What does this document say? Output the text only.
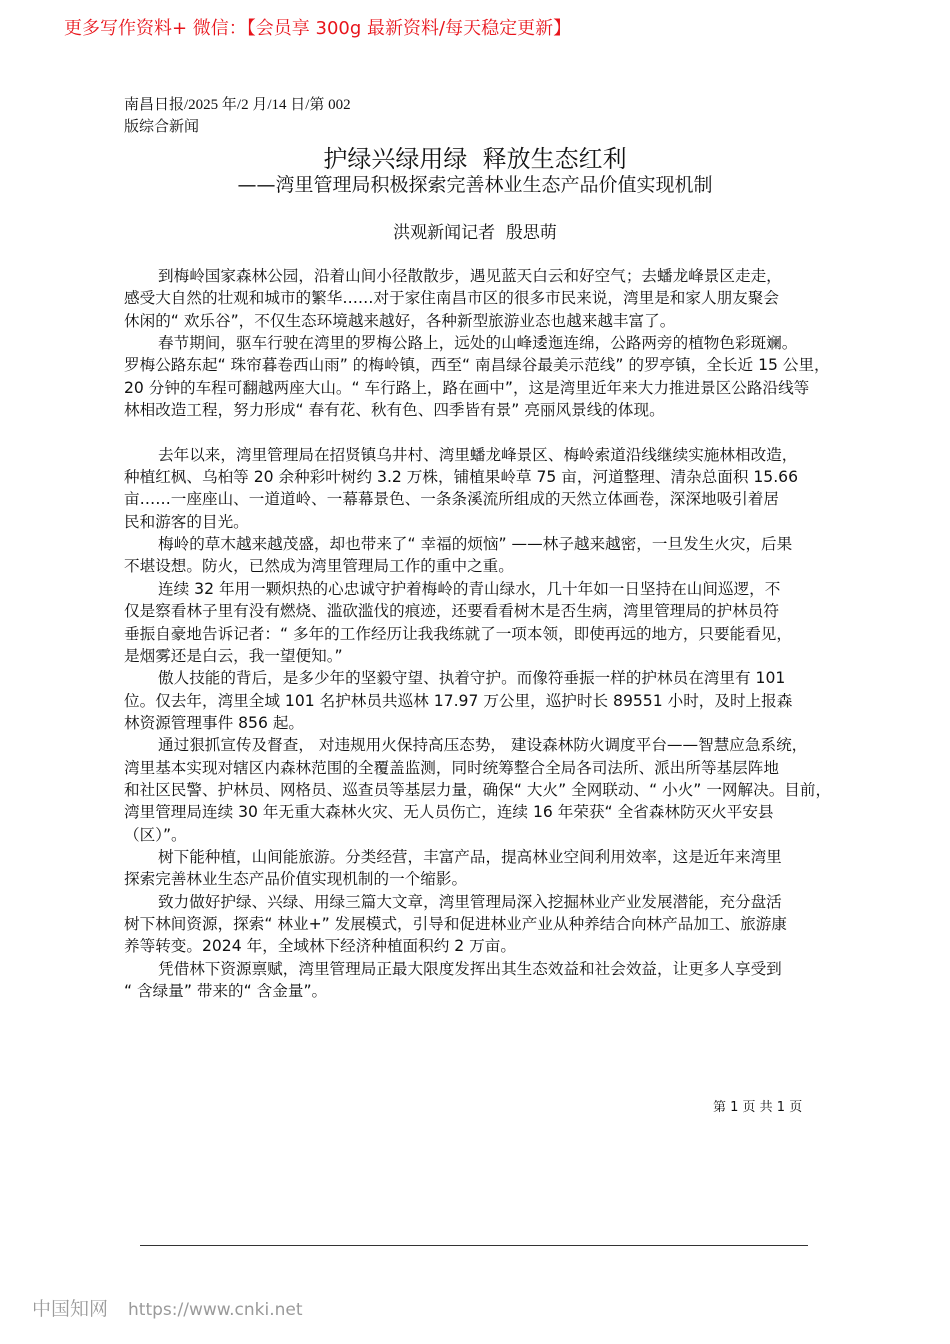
更多写作资料+ 微信：【会员享 300g 最新资料/每天稳定更新】
南昌日报/2025 年/2 月/14 日/第 002
版综合新闻
护绿兴绿用绿  释放生态红利
——湾里管理局积极探索完善林业生态产品价值实现机制
洪观新闻记者  殷思萌
到梅岭国家森林公园，沿着山间小径散散步，遇见蓝天白云和好空气；去蟠龙峰景区走走，
感受大自然的壮观和城市的繁华……对于家住南昌市区的很多市民来说，湾里是和家人朋友聚会
休闲的“ 欢乐谷”，不仅生态环境越来越好，各种新型旅游业态也越来越丰富了。
春节期间，驱车行驶在湾里的罗梅公路上，远处的山峰逶迤连绵，公路两旁的植物色彩斑斓。
罗梅公路东起“ 珠帘暮卷西山雨” 的梅岭镇，西至“ 南昌绿谷最美示范线” 的罗亭镇，全长近 15 公里，
20 分钟的车程可翻越两座大山。“ 车行路上，路在画中”，这是湾里近年来大力推进景区公路沿线等
林相改造工程，努力形成“ 春有花、秋有色、四季皆有景” 亮丽风景线的体现。
去年以来，湾里管理局在招贤镇乌井村、湾里蟠龙峰景区、梅岭索道沿线继续实施林相改造，
种植红枫、乌桕等 20 余种彩叶树约 3.2 万株，铺植果岭草 75 亩，河道整理、清杂总面积 15.66
亩……一座座山、一道道岭、一幕幕景色、一条条溪流所组成的天然立体画卷，深深地吸引着居
民和游客的目光。
梅岭的草木越来越茂盛，却也带来了“ 幸福的烦恼” ——林子越来越密，一旦发生火灾，后果
不堪设想。防火，已然成为湾里管理局工作的重中之重。
连续 32 年用一颗炽热的心忠诚守护着梅岭的青山绿水，几十年如一日坚持在山间巡逻，不
仅是察看林子里有没有燃烧、滥砍滥伐的痕迹，还要看看树木是否生病，湾里管理局的护林员符
垂振自豪地告诉记者：“ 多年的工作经历让我我练就了一项本领，即使再远的地方，只要能看见，
是烟雾还是白云，我一望便知。”
傲人技能的背后，是多少年的坚毅守望、执着守护。而像符垂振一样的护林员在湾里有 101
位。仅去年，湾里全域 101 名护林员共巡林 17.97 万公里，巡护时长 89551 小时，及时上报森
林资源管理事件 856 起。
通过狠抓宣传及督查， 对违规用火保持高压态势， 建设森林防火调度平台——智慧应急系统，
湾里基本实现对辖区内森林范围的全覆盖监测，同时统筹整合全局各司法所、派出所等基层阵地
和社区民警、护林员、网格员、巡查员等基层力量，确保“ 大火” 全网联动、“ 小火” 一网解决。目前，
湾里管理局连续 30 年无重大森林火灾、无人员伤亡，连续 16 年荣获“ 全省森林防灭火平安县
（区）”。
树下能种植，山间能旅游。分类经营，丰富产品，提高林业空间利用效率，这是近年来湾里
探索完善林业生态产品价值实现机制的一个缩影。
致力做好护绿、兴绿、用绿三篇大文章，湾里管理局深入挖掘林业产业发展潜能，充分盘活
树下林间资源，探索“ 林业+” 发展模式，引导和促进林业产业从种养结合向林产品加工、旅游康
养等转变。2024 年，全域林下经济种植面积约 2 万亩。
凭借林下资源禀赋，湾里管理局正最大限度发挥出其生态效益和社会效益，让更多人享受到
“ 含绿量” 带来的“ 含金量”。
第 1 页 共 1 页
中国知网 https://www.cnki.net
